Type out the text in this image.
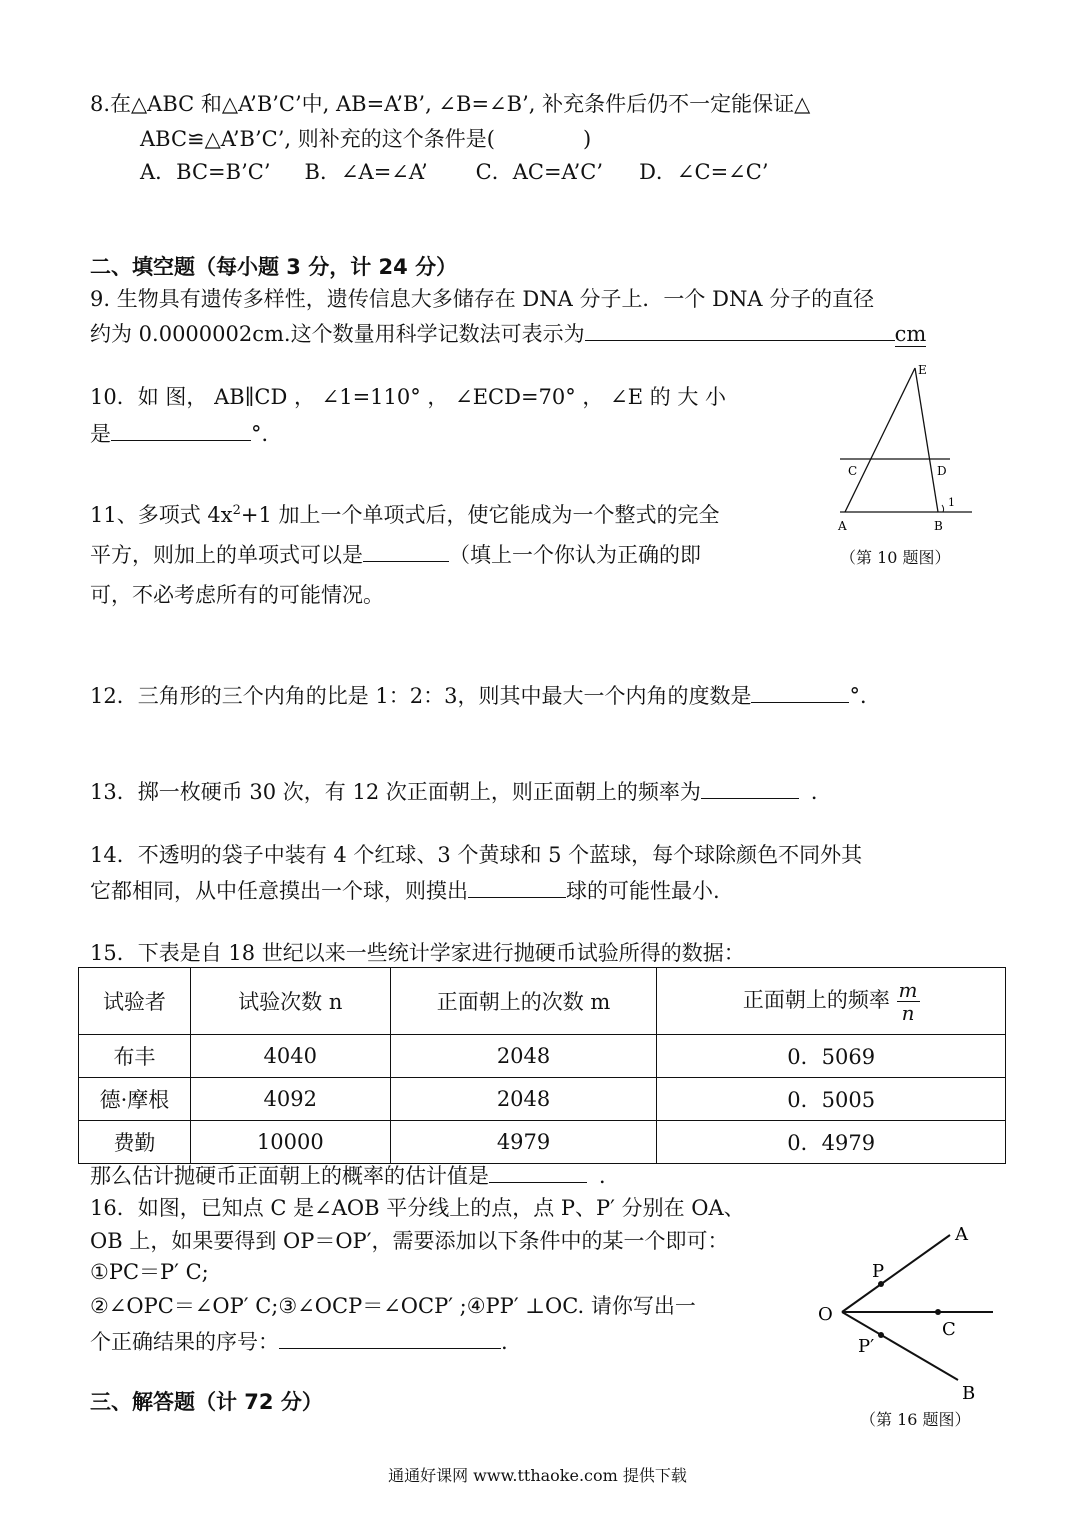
8.在△ABC 和△A’B’C’中, AB=A’B’, ∠B=∠B’, 补充条件后仍不一定能保证△
ABC≌△A’B’C’, 则补充的这个条件是(	)
A．BC=B’C’ B．∠A=∠A’ C．AC=A’C’ D．∠C=∠C’
二、填空题（每小题 3 分，计 24 分）
9. 生物具有遗传多样性，遗传信息大多储存在 DNA 分子上．一个 DNA 分子的直径
约为 0.0000002cm.这个数量用科学记数法可表示为	cm
10．如 图， AB∥CD ， ∠1=110° ， ∠ECD=70° ， ∠E 的 大 小
是	°．
E
C	D
A	B
1
（第 10 题图）
11、多项式 $4x^2+1$ 加上一个单项式后，使它能成为一个整式的完全
平方，则加上的单项式可以是	（填上一个你认为正确的即
可，不必考虑所有的可能情况。
12．三角形的三个内角的比是 1：2：3，则其中最大一个内角的度数是	°．
13．掷一枚硬币 30 次，有 12 次正面朝上，则正面朝上的频率为	．
14．不透明的袋子中装有 4 个红球、3 个黄球和 5 个蓝球，每个球除颜色不同外其
它都相同，从中任意摸出一个球，则摸出	球的可能性最小.
15．下表是自 18 世纪以来一些统计学家进行抛硬币试验所得的数据：
试验者	试验次数 n	正面朝上的次数 m	正面朝上的频率 $\frac{m}{n}$

布丰	4040	2048	0．5069
德·摩根	4092	2048	0．5005
费勤	10000	4979	0．4979
那么估计抛硬币正面朝上的概率的估计值是	．
16．如图，已知点 C 是∠AOB 平分线上的点，点 P、P′ 分别在 OA、
OB 上，如果要得到 OP＝OP′，需要添加以下条件中的某一个即可：
①PC＝P′ C;
②∠OPC＝∠OP′ C;③∠OCP＝∠OCP′ ;④PP′ ⊥OC. 请你写出一
个正确结果的序号：	.
A
P
O
C
P′
B
（第 16 题图）
三、解答题（计 72 分）
通通好课网 www.tthaoke.com 提供下载
